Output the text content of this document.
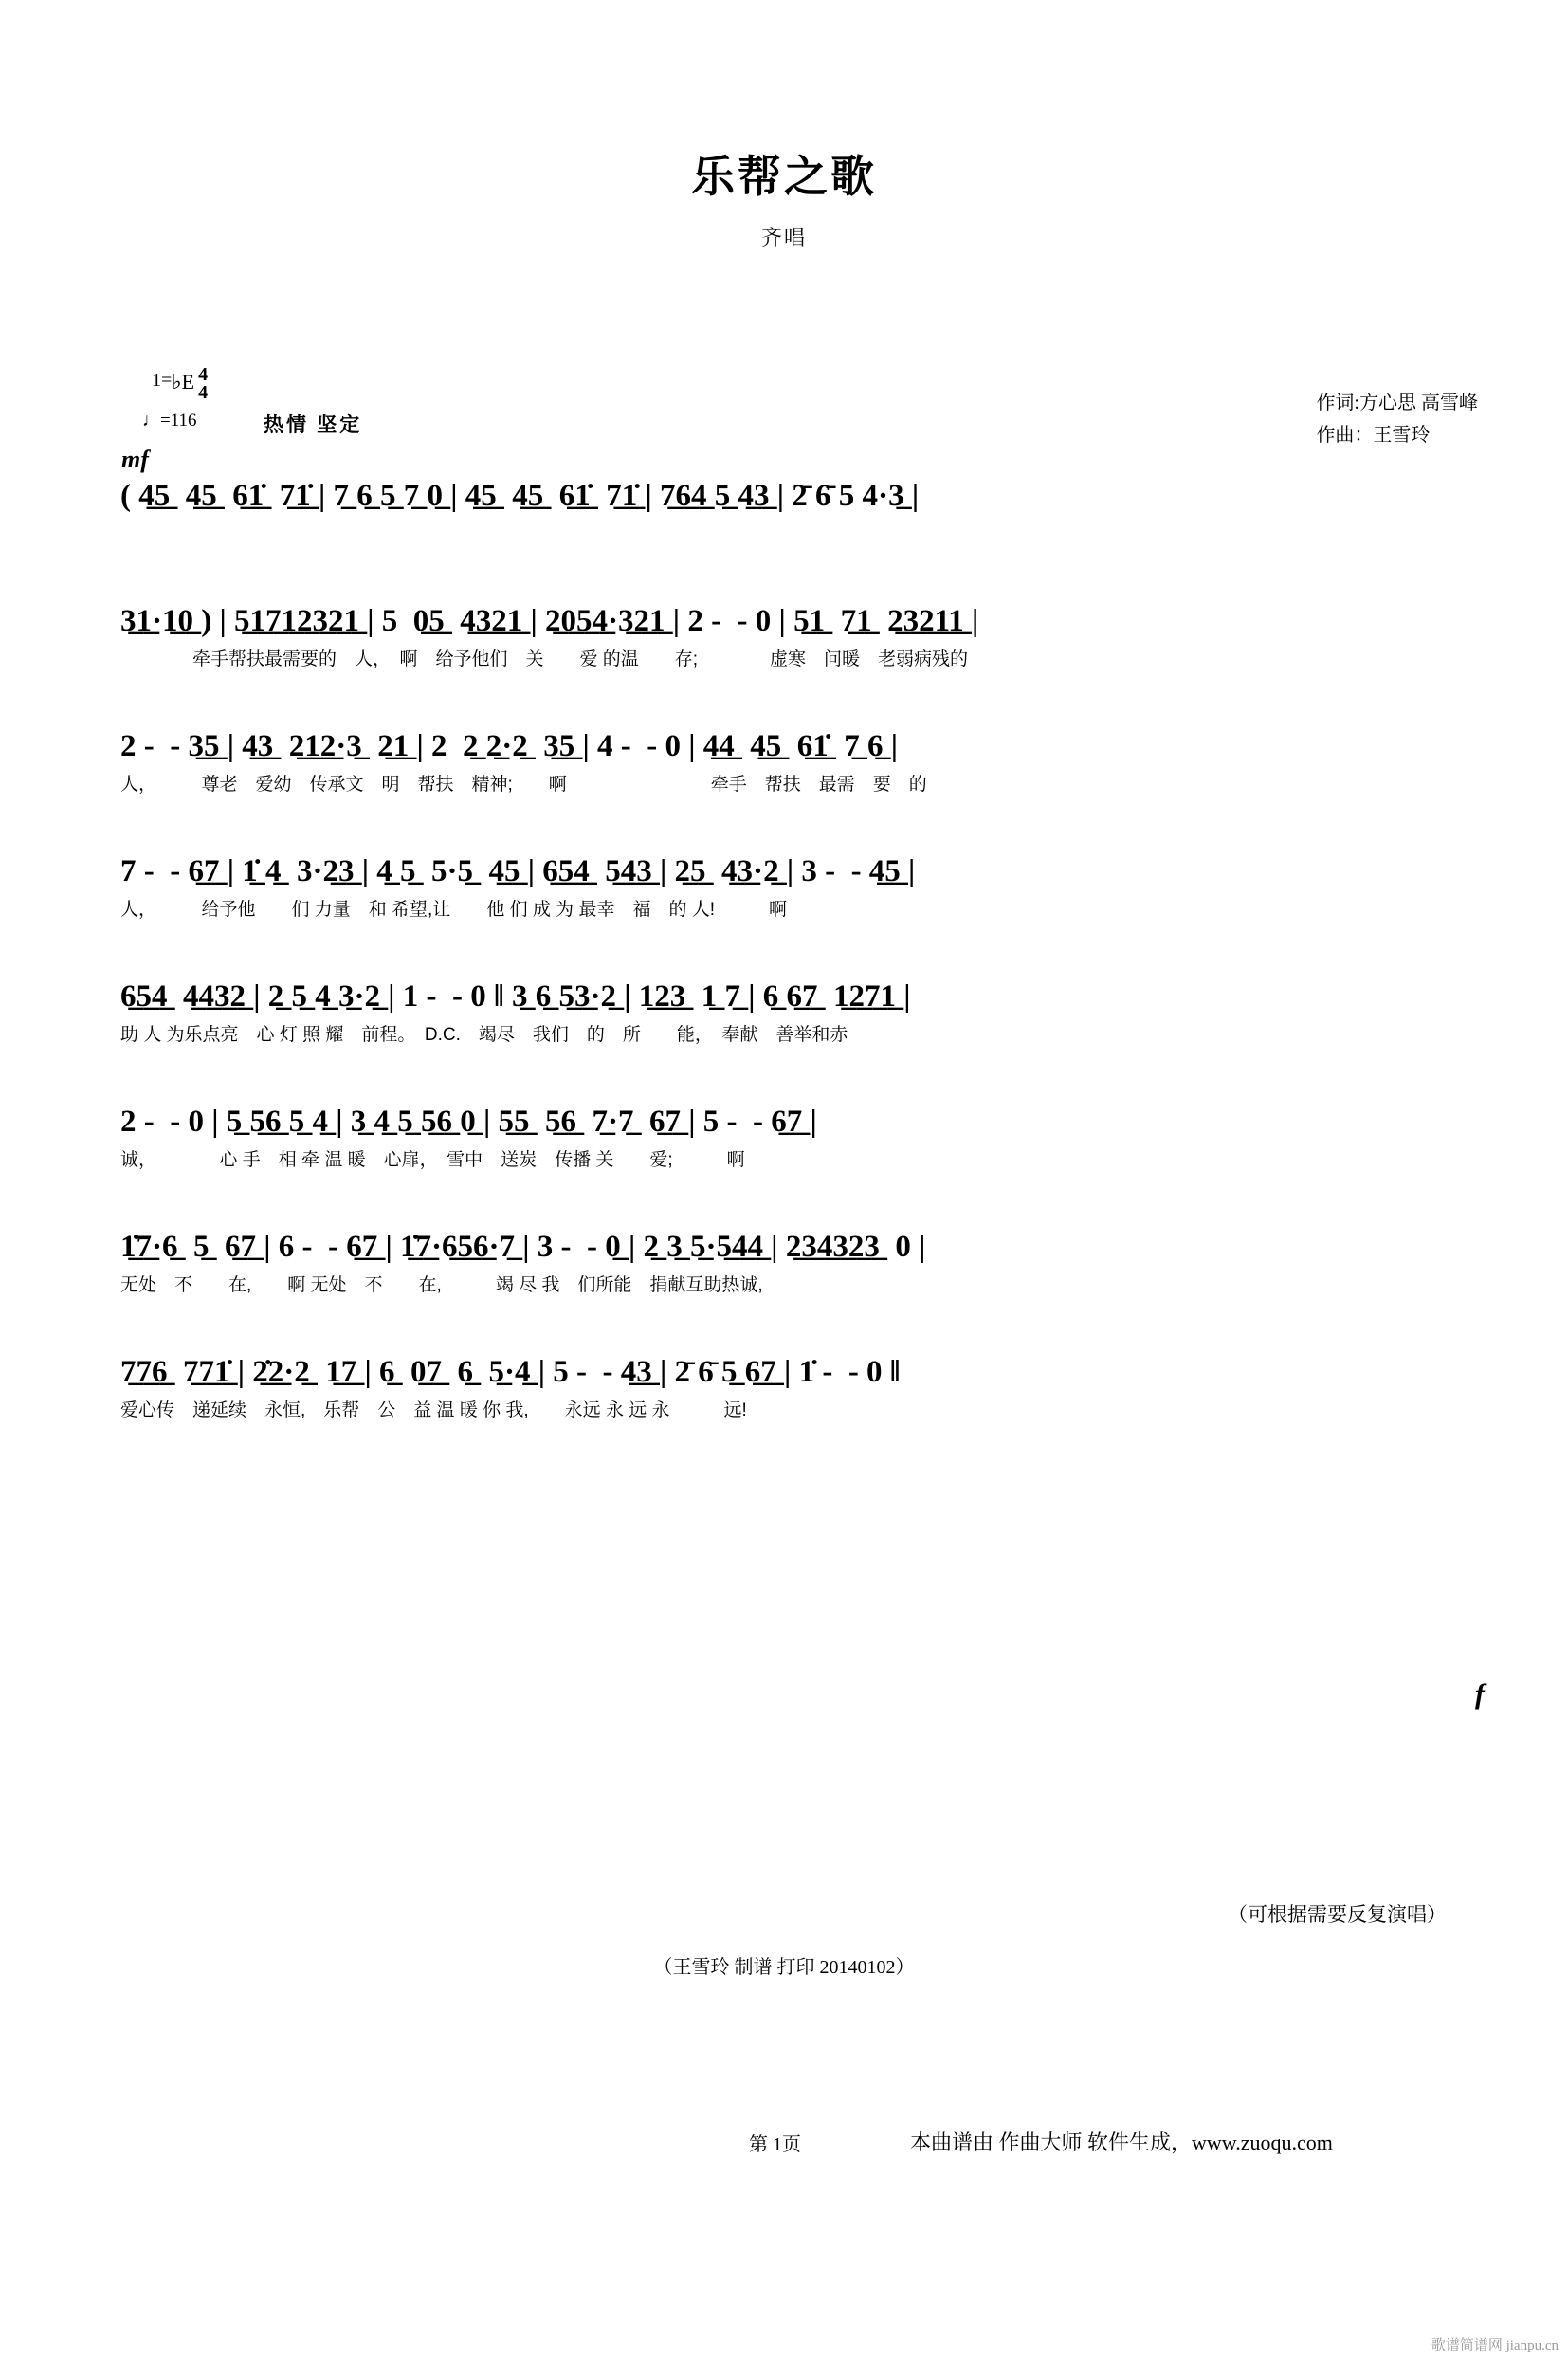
乐帮之歌
齐唱
作词:方心思 高雪峰
作曲：王雪玲
1= ♭E 4
4
♩=116	热情 坚定
mf
f
( 4̲5̲  4̲5̲  6̲1̲̇  7̲1̲̇ | 7̲ 6̲ 5̲ 7̲ 0̲ | 4̲5̲  4̲5̲  6̲1̲̇  7̲1̲̇ | 7̲6̲4̲ 5̲ 4̲3̲ | 2̄ 6̄ 5 4·3̲ |
3̲1̲·1̲0̲ ) | 5̲1̲7̲1̲2̲3̲2̲1̲ | 5  0̲5̲  4̲3̲2̲1̲ | 2̲0̲5̲4̲·3̲2̲1̲ | 2 -  - 0 | 5̲1̲  7̲1̲  2̲3̲2̲1̲1̲ |
　　　　牵手帮扶最需要的　人，　啊　给予他们　关　　爱 的温　　存;　　　　虚寒　问暖　老弱病残的
2 -  - 3̲5̲ | 4̲3̲  2̲1̲2̲·3̲  2̲1̲ | 2  2̲ 2̲·2̲  3̲5̲ | 4 -  - 0 | 4̲4̲  4̲5̲  6̲1̲̇  7̲ 6̲ |
人，　　　尊老　爱幼　传承文　明　帮扶　精神;　　啊　　　　　　　　牵手　帮扶　最需　要　的
7 -  - 6̲7̲ | 1̲̇ 4̲  3·2̲3̲ | 4̲ 5̲  5·5̲  4̲5̲ | 6̲5̲4̲  5̲4̲3̲ | 2̲5̲  4̲3̲·2̲ | 3 -  - 4̲5̲ |
人，　　　给予他　　们 力量　和 希望,让　　他 们 成 为 最幸　福　的 人!　　　啊
6̲5̲4̲  4̲4̲3̲2̲ | 2̲ 5̲ 4̲ 3̲·2̲ | 1 -  - 0 ‖ 3̲ 6̲ 5̲3̲·2̲ | 1̲2̲3̲  1̲ 7̲ | 6̲ 6̲7̲  1̲2̲7̲1̲ |
助 人 为乐点亮　心 灯 照 耀　前程。　D.C.　竭尽　我们　的　所　　能，　奉献　善举和赤
2 -  - 0 | 5̲ 5̲6̲ 5̲ 4̲ | 3̲ 4̲ 5̲ 5̲6̲ 0̲ | 5̲5̲  5̲6̲  7̲·7̲  6̲7̲ | 5 -  - 6̲7̲ |
诚，　　　　心 手　相 牵 温 暖　心扉，　雪中　送炭　传播 关　　爱;　　　啊
1̲̇7̲·6̲  5̲  6̲7̲ | 6 -  - 6̲7̲ | 1̲̇7̲·6̲5̲6̲·7̲ | 3 -  - 0̲ | 2̲ 3̲ 5̲·5̲4̲4̲ | 2̲3̲4̲3̲2̲3̲  0 |
无处　不　　在,　　啊 无处　不　　在,　　　竭 尽 我　们所能　捐献互助热诚,
7̲7̲6̲  7̲7̲1̲̇ | 2̲̇2̲·2̲  1̲7̲ | 6̲  0̲7̲  6̲  5̲·4̲ | 5 -  - 4̲3̲ | 2̄ 6̄ 5̲ 6̲7̲ | 1̇ -  - 0 ‖
爱心传　递延续　永恒,　乐帮　公　益 温 暖 你 我,　　永远 永 远 永　　　远!
（可根据需要反复演唱）
（王雪玲 制谱 打印 20140102）
第 1页	本曲谱由 作曲大师 软件生成，www.zuoqu.com
歌谱简谱网 jianpu.cn
